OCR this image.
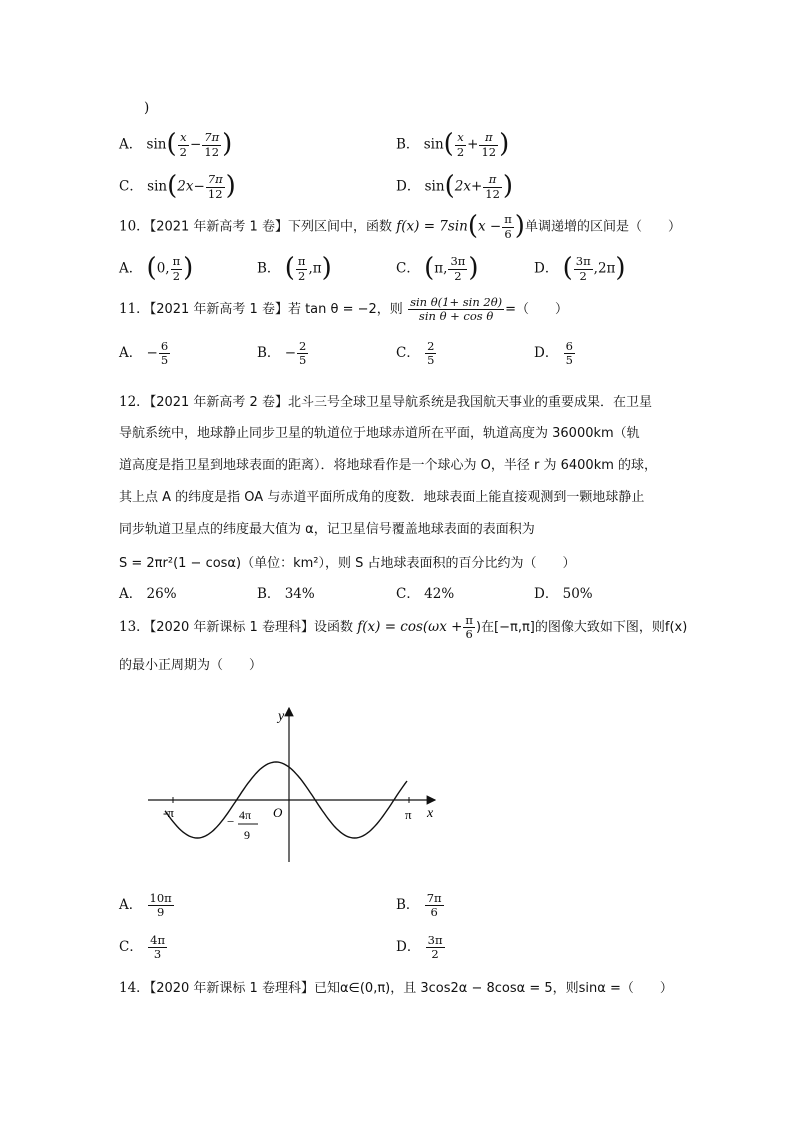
)
A． $\sin( \frac{x}{2} - \frac{7\pi}{12}$ )	B． $\sin( \frac{x}{2} + \frac{\pi}{12}$ )
C． $\sin(2x- \frac{7\pi}{12}$ )	D． $\sin(2x+ \frac{\pi}{12}$ )
10．【2021 年新高考 1 卷】下列区间中，函数 $f(x) = 7\sin(x - \frac{\pi}{6}$ )单调递增的区间是（　　）
A． (0, $\frac{\pi}{2}$ )	B． ( $\frac{\pi}{2} ,\pi$)	C． (π, $\frac{3\pi}{2}$ )	D． ( $\frac{3\pi}{2} ,2\pi$)
11．【2021 年新高考 1 卷】若 tan θ = −2，则 $\frac{\text{sin θ(1+ sin 2θ)}}{\text{sin θ + cos θ}}$ =（　　）
A． − $\frac{6}{5}$	B． − $\frac{2}{5}$	C． $\frac{2}{5}$	D． $\frac{6}{5}$
12．【2021 年新高考 2 卷】北斗三号全球卫星导航系统是我国航天事业的重要成果．在卫星
导航系统中，地球静止同步卫星的轨道位于地球赤道所在平面，轨道高度为 36000km（轨
道高度是指卫星到地球表面的距离）．将地球看作是一个球心为 O，半径 r 为 6400km 的球，
其上点 A 的纬度是指 OA 与赤道平面所成角的度数．地球表面上能直接观测到一颗地球静止
同步轨道卫星点的纬度最大值为 α，记卫星信号覆盖地球表面的表面积为
S = 2πr²(1 − cosα)（单位：km²），则 S 占地球表面积的百分比约为（　　）
A． 26%	B． 34%	C． 42%	D． 50%
13．【2020 年新课标 1 卷理科】设函数 $f(x) = \cos(\omega x + \frac{\pi}{6}$ )在[−π,π]的图像大致如下图，则f(x)
的最小正周期为（　　）
y
x
O
-π	π
− 4π
9
A． $\frac{10\pi}{9}$	B． $\frac{7\pi}{6}$
C． $\frac{4\pi}{3}$	D． $\frac{3\pi}{2}$
14．【2020 年新课标 1 卷理科】已知α∈(0,π)，且 3cos2α − 8cosα = 5，则sinα =（　　）
